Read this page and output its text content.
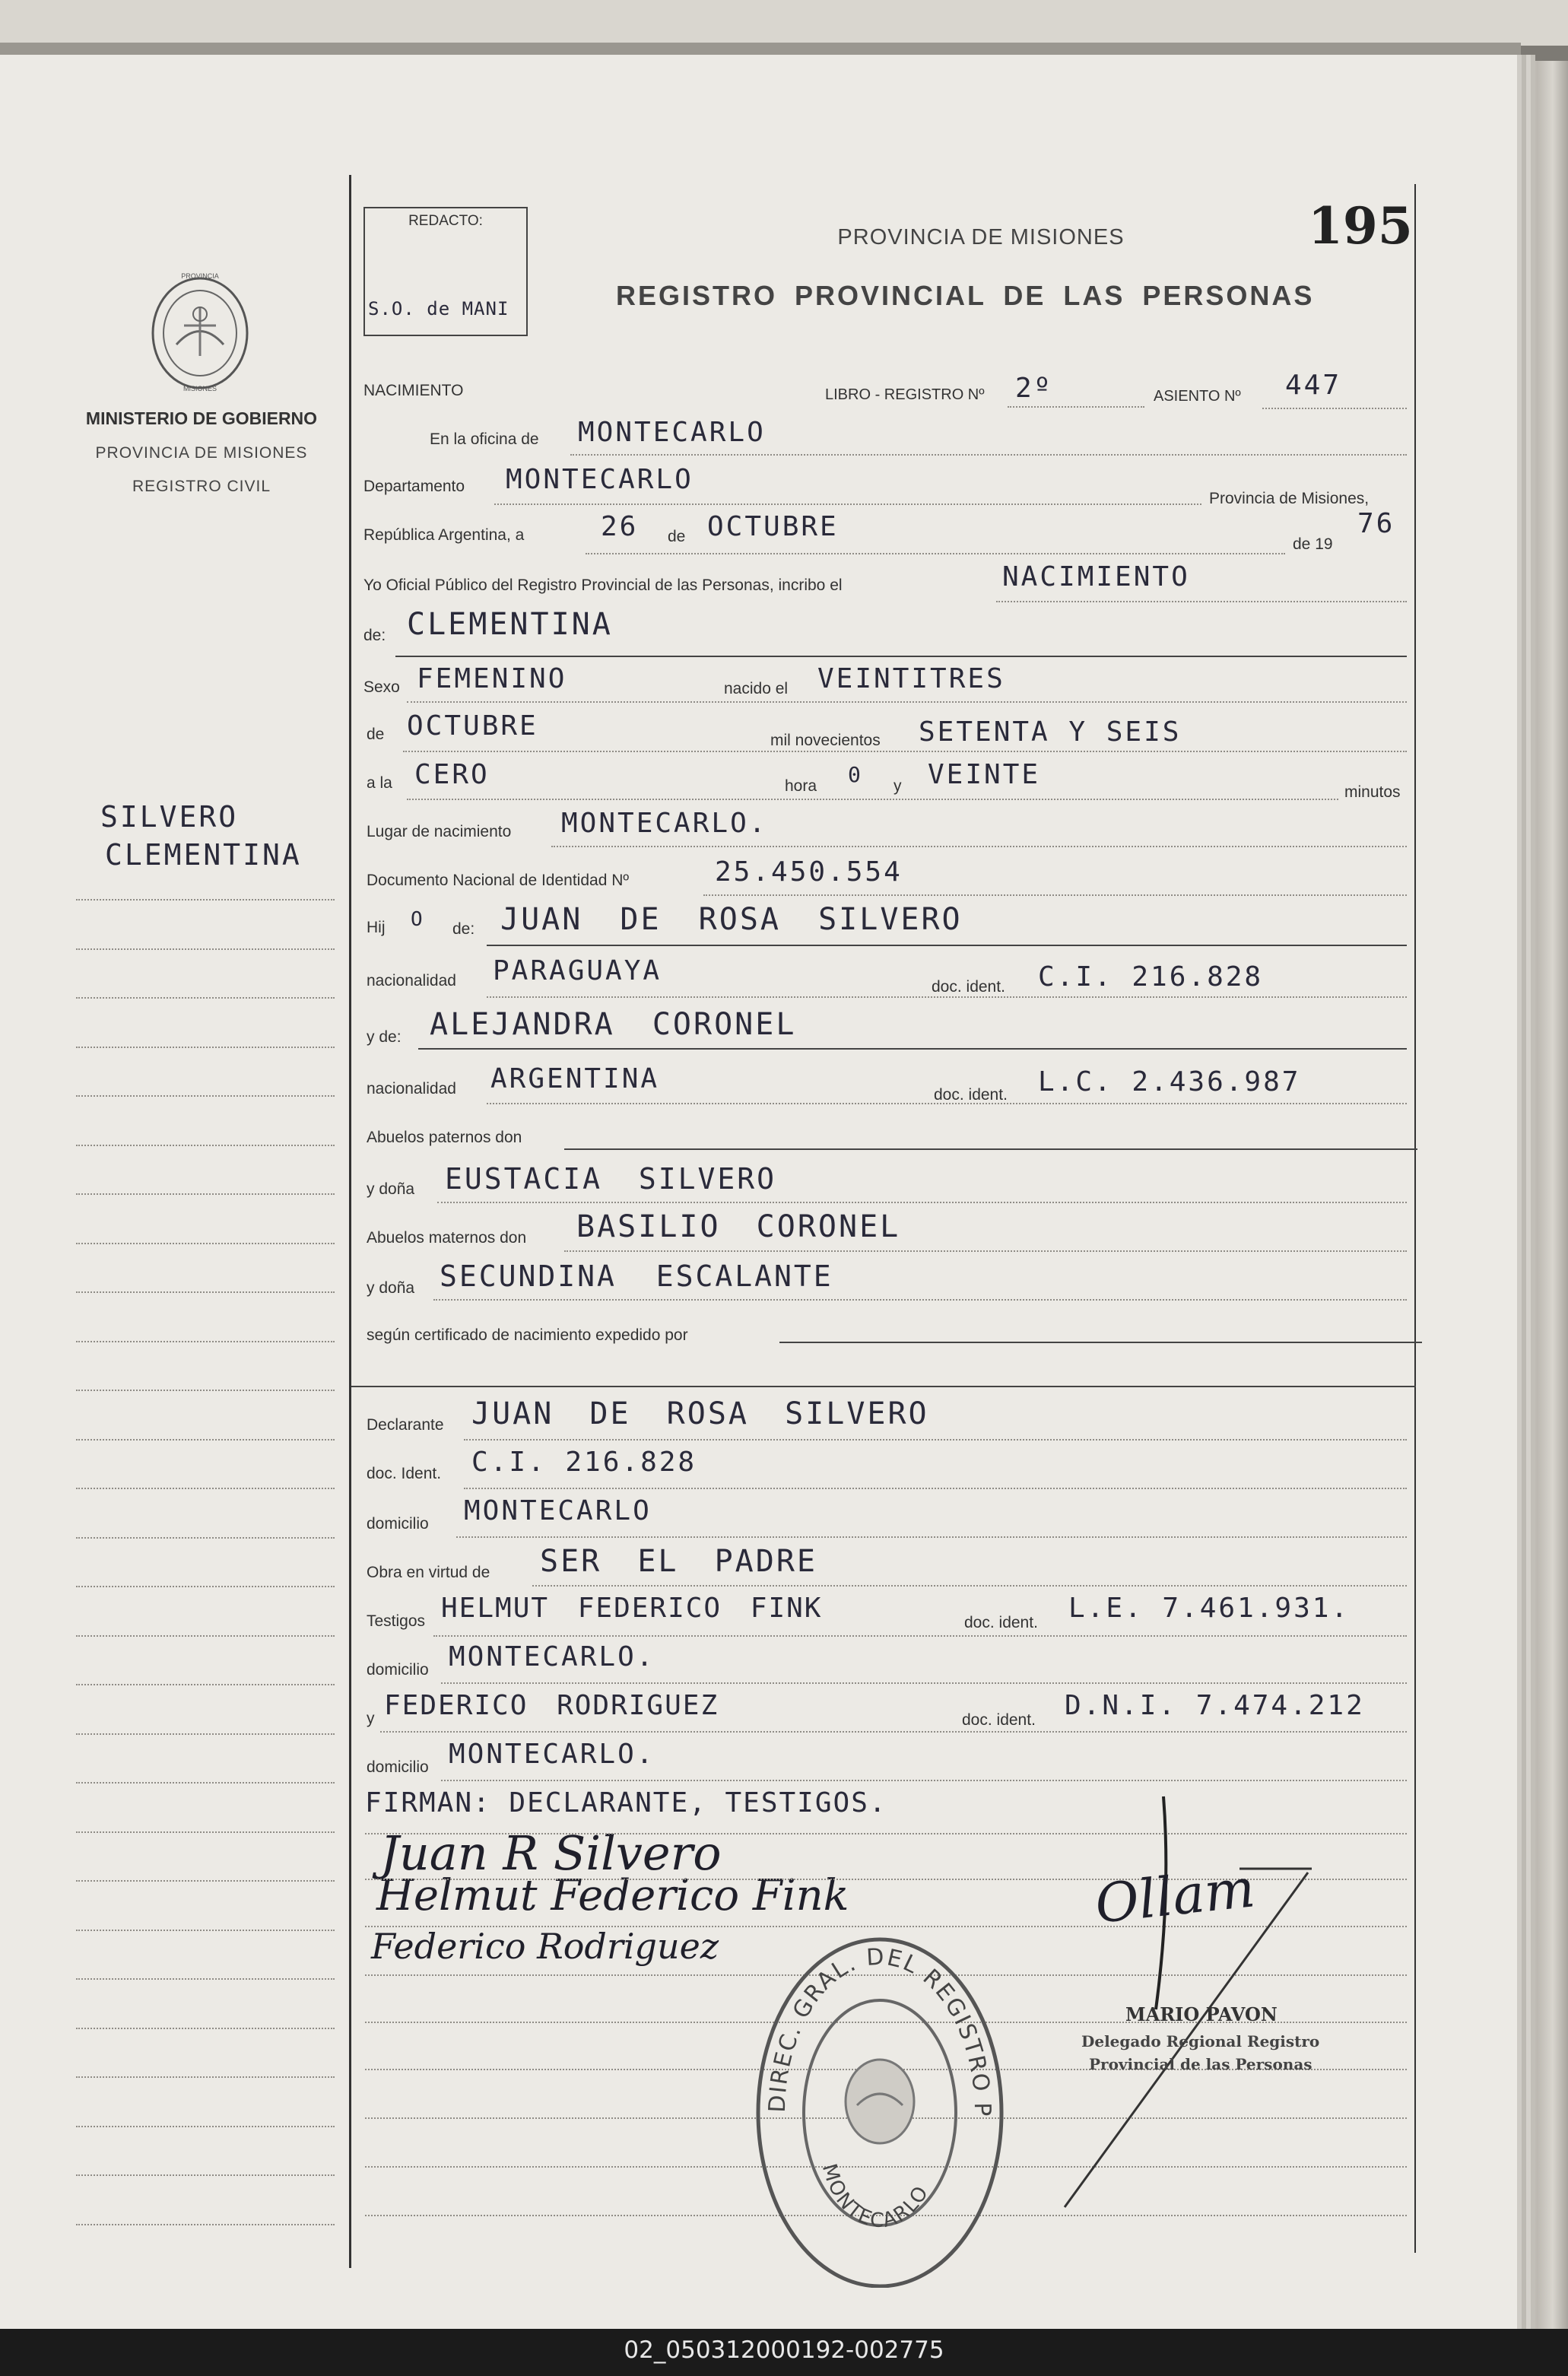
CO
DAS
195
REDACTO:
S.O. de MANI
PROVINCIA DE MISIONES
REGISTRO PROVINCIAL DE LAS PERSONAS
PROVINCIA
MISIONES
MINISTERIO DE GOBIERNO
PROVINCIA DE MISIONES
REGISTRO CIVIL
SILVERO
CLEMENTINA
NACIMIENTO	LIBRO - REGISTRO Nº 2º	ASIENTO Nº 447
En la oficina de MONTECARLO
Departamento MONTECARLO
Provincia de Misiones,
República Argentina, a	26 de OCTUBRE
de 19
76
Yo Oficial Público del Registro Provincial de las Personas, incribo el	NACIMIENTO
de: CLEMENTINA
Sexo FEMENINO	nacido el VEINTITRES
de OCTUBRE	mil novecientos SETENTA Y SEIS
a la CERO	hora 0 y VEINTE
minutos
Lugar de nacimiento MONTECARLO.
Documento Nacional de Identidad Nº	25.450.554
Hij O de: JUAN DE ROSA SILVERO
nacionalidad PARAGUAYA
doc. ident. C.I. 216.828
y de: ALEJANDRA CORONEL
nacionalidad ARGENTINA
doc. ident. L.C. 2.436.987
Abuelos paternos don
y doña EUSTACIA SILVERO
Abuelos maternos don BASILIO CORONEL
y doña SECUNDINA ESCALANTE
según certificado de nacimiento expedido por
Declarante JUAN DE ROSA SILVERO
doc. Ident. C.I. 216.828
domicilio MONTECARLO
Obra en virtud de SER EL PADRE
Testigos HELMUT FEDERICO FINK	doc. ident. L.E. 7.461.931.
domicilio MONTECARLO.
y FEDERICO RODRIGUEZ	doc. ident. D.N.I. 7.474.212
domicilio MONTECARLO.
FIRMAN: DECLARANTE, TESTIGOS.
Juan R Silvero
Helmut Federico Fink
Federico Rodriguez
DIREC. GRAL. DEL REGISTRO P
MONTECARLO
Ollam
MARIO PAVON
Delegado Regional Registro
Provincial de las Personas
02_050312000192-002775
